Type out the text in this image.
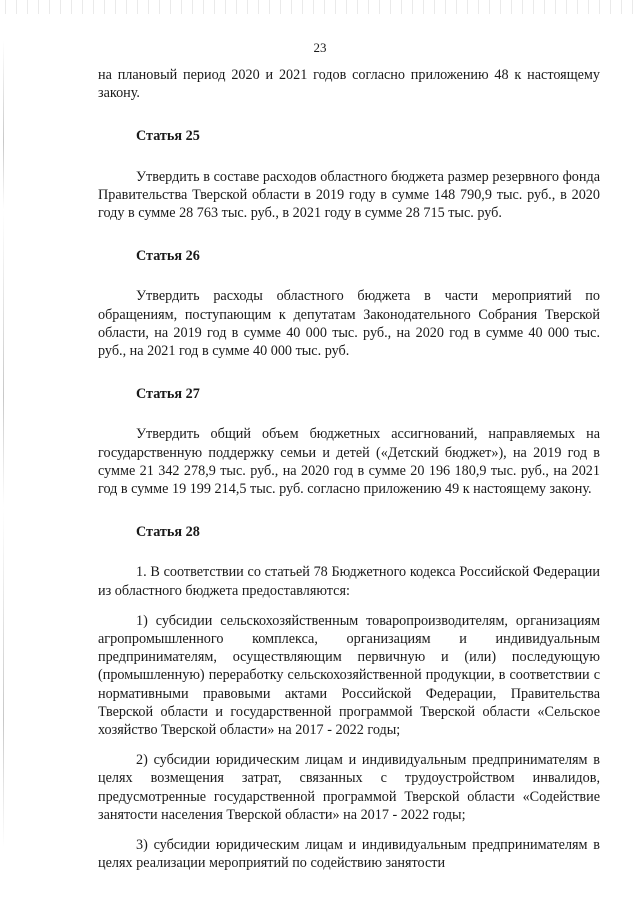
23

на плановый период 2020 и 2021 годов согласно приложению 48 к настоящему закону.

Статья 25

Утвердить в составе расходов областного бюджета размер резервного фонда Правительства Тверской области в 2019 году в сумме 148 790,9 тыс. руб., в 2020 году в сумме 28 763 тыс. руб., в 2021 году в сумме 28 715 тыс. руб.

Статья 26

Утвердить расходы областного бюджета в части мероприятий по обращениям, поступающим к депутатам Законодательного Собрания Тверской области, на 2019 год в сумме 40 000 тыс. руб., на 2020 год в сумме 40 000 тыс. руб., на 2021 год в сумме 40 000 тыс. руб.

Статья 27

Утвердить общий объем бюджетных ассигнований, направляемых на государственную поддержку семьи и детей («Детский бюджет»), на 2019 год в сумме 21 342 278,9 тыс. руб., на 2020 год в сумме 20 196 180,9 тыс. руб., на 2021 год в сумме 19 199 214,5 тыс. руб. согласно приложению 49 к настоящему закону.

Статья 28

1. В соответствии со статьей 78 Бюджетного кодекса Российской Федерации из областного бюджета предоставляются:

1) субсидии сельскохозяйственным товаропроизводителям, организациям агропромышленного комплекса, организациям и индивидуальным предпринимателям, осуществляющим первичную и (или) последующую (промышленную) переработку сельскохозяйственной продукции, в соответствии с нормативными правовыми актами Российской Федерации, Правительства Тверской области и государственной программой Тверской области «Сельское хозяйство Тверской области» на 2017 - 2022 годы;

2) субсидии юридическим лицам и индивидуальным предпринимателям в целях возмещения затрат, связанных с трудоустройством инвалидов, предусмотренные государственной программой Тверской области «Содействие занятости населения Тверской области» на 2017 - 2022 годы;

3) субсидии юридическим лицам и индивидуальным предпринимателям в целях реализации мероприятий по содействию занятости
